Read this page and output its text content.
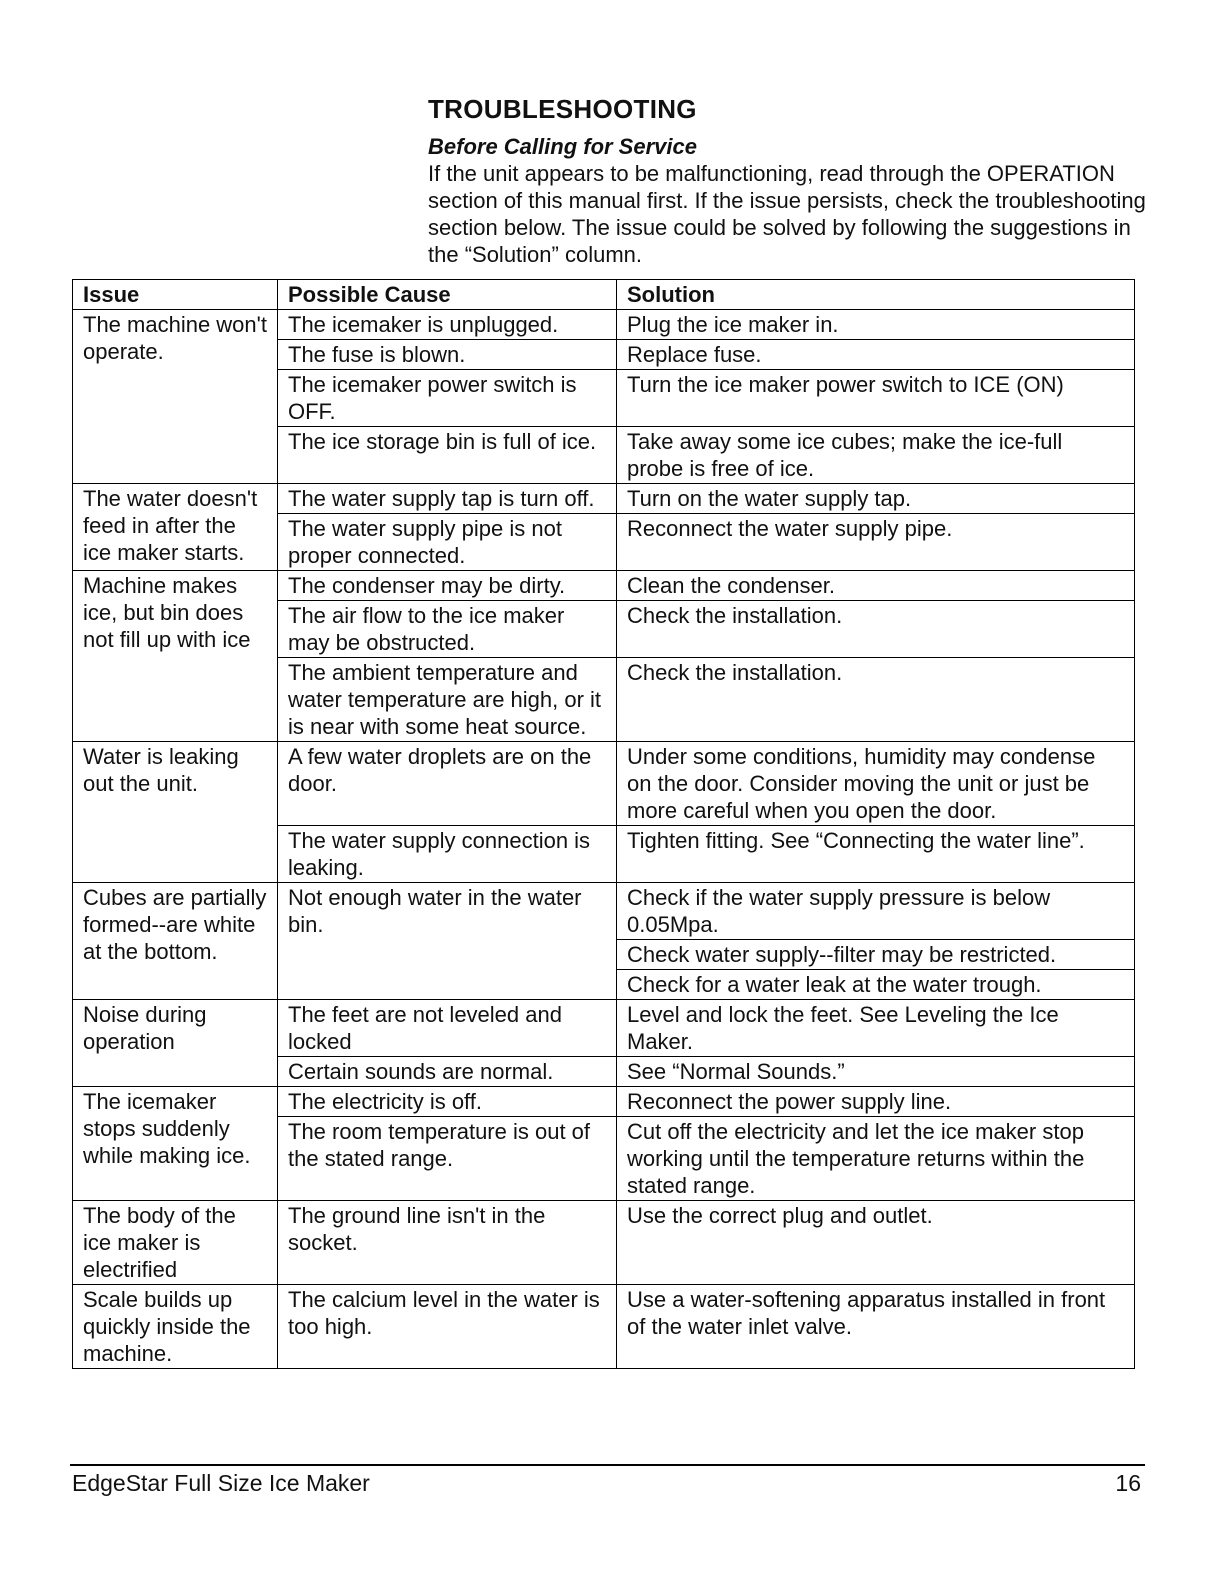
TROUBLESHOOTING

Before Calling for Service

If the unit appears to be malfunctioning, read through the OPERATION section of this manual first. If the issue persists, check the troubleshooting section below. The issue could be solved by following the suggestions in the “Solution” column.

Issue	Possible Cause	Solution
The machine won't operate.	The icemaker is unplugged.	Plug the ice maker in.
	The fuse is blown.	Replace fuse.
	The icemaker power switch is OFF.	Turn the ice maker power switch to ICE (ON)
	The ice storage bin is full of ice.	Take away some ice cubes; make the ice-full probe is free of ice.
The water doesn't feed in after the ice maker starts.	The water supply tap is turn off.	Turn on the water supply tap.
	The water supply pipe is not proper connected.	Reconnect the water supply pipe.
Machine makes ice, but bin does not fill up with ice	The condenser may be dirty.	Clean the condenser.
	The air flow to the ice maker may be obstructed.	Check the installation.
	The ambient temperature and water temperature are high, or it is near with some heat source.	Check the installation.
Water is leaking out the unit.	A few water droplets are on the door.	Under some conditions, humidity may condense on the door. Consider moving the unit or just be more careful when you open the door.
	The water supply connection is leaking.	Tighten fitting. See “Connecting the water line”.
Cubes are partially formed--are white at the bottom.	Not enough water in the water bin.	Check if the water supply pressure is below 0.05Mpa.
		Check water supply--filter may be restricted.
		Check for a water leak at the water trough.
Noise during operation	The feet are not leveled and locked	Level and lock the feet. See Leveling the Ice Maker.
	Certain sounds are normal.	See “Normal Sounds.”
The icemaker stops suddenly while making ice.	The electricity is off.	Reconnect the power supply line.
	The room temperature is out of the stated range.	Cut off the electricity and let the ice maker stop working until the temperature returns within the stated range.
The body of the ice maker is electrified	The ground line isn't in the socket.	Use the correct plug and outlet.
Scale builds up quickly inside the machine.	The calcium level in the water is too high.	Use a water-softening apparatus installed in front of the water inlet valve.
EdgeStar Full Size Ice Maker	16
